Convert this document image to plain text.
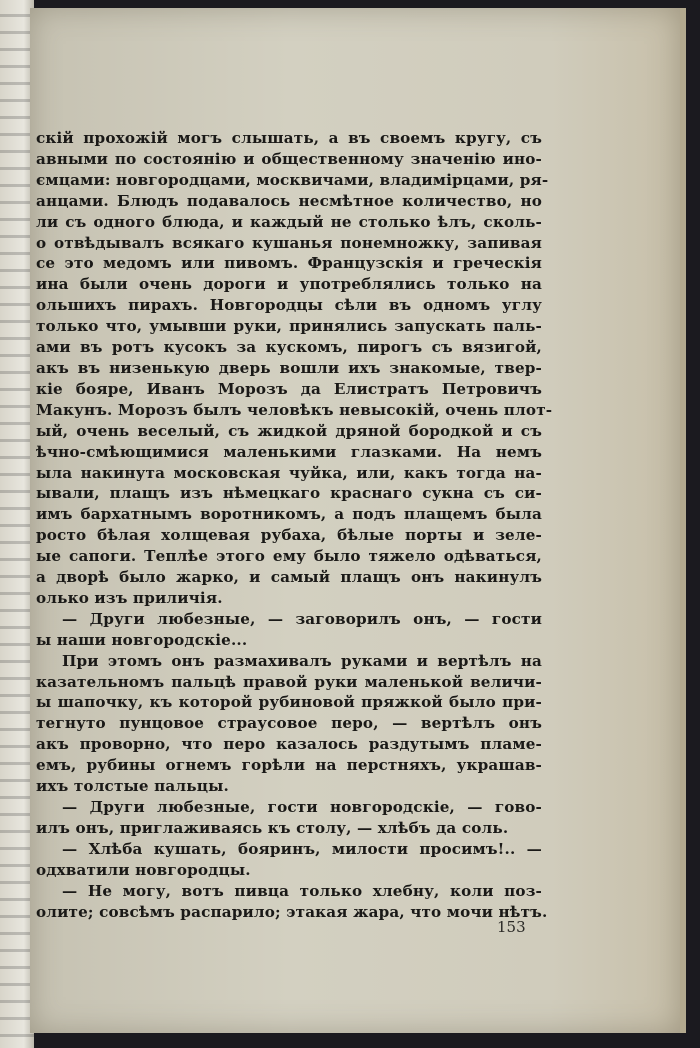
скій прохожій могъ слышать, а въ своемъ кругу, съ
авными по состоянію и общественному значенію ино-
ємцами: новгородцами, москвичами, владимірцами, ря-
анцами. Блюдъ подавалось несмѣтное количество, но
ли съ одного блюда, и каждый не столько ѣлъ, сколь-
о отвѣдывалъ всякаго кушанья понемножку, запивая
се это медомъ или пивомъ. Французскія и греческія
ина были очень дороги и употреблялись только на
ольшихъ пирахъ. Новгородцы сѣли въ одномъ углу
только что, умывши руки, принялись запускать паль-
ами въ ротъ кусокъ за кускомъ, пирогъ съ вязигой,
акъ въ низенькую дверь вошли ихъ знакомые, твер-
кіе бояре, Иванъ Морозъ да Елистратъ Петровичъ
Макунъ. Морозъ былъ человѣкъ невысокій, очень плот-
ый, очень веселый, съ жидкой дряной бородкой и съ
ѣчно-смѣющимися маленькими глазками. На немъ
ыла накинута московская чуйка, или, какъ тогда на-
ывали, плащъ изъ нѣмецкаго краснаго сукна съ си-
имъ бархатнымъ воротникомъ, а подъ плащемъ была
ростo бѣлая холщевая рубаха, бѣлые порты и зеле-
ые сапоги. Теплѣе этого ему было тяжело одѣваться,
а дворѣ было жарко, и самый плащъ онъ накинулъ
олько изъ приличія.
— Други любезные, — заговорилъ онъ, — гости
ы наши новгородскіе...
При этомъ онъ размахивалъ руками и вертѣлъ на
казательномъ пальцѣ правой руки маленькой величи-
ы шапочку, къ которой рубиновой пряжкой было при-
тегнуто пунцовое страусовое перо, — вертѣлъ онъ
акъ проворно, что перо казалось раздутымъ пламе-
емъ, рубины огнемъ горѣли на перстняхъ, украшав-
ихъ толстые пальцы.
— Други любезные, гости новгородскіе, — гово-
илъ онъ, приглаживаясь къ столу, — хлѣбъ да соль.
— Хлѣба кушать, бояринъ, милости просимъ!.. —
одхватили новгородцы.
— Не могу, вотъ пивца только хлебну, коли поз-
олите; совсѣмъ распарило; этакая жара, что мочи нѣтъ.
153
